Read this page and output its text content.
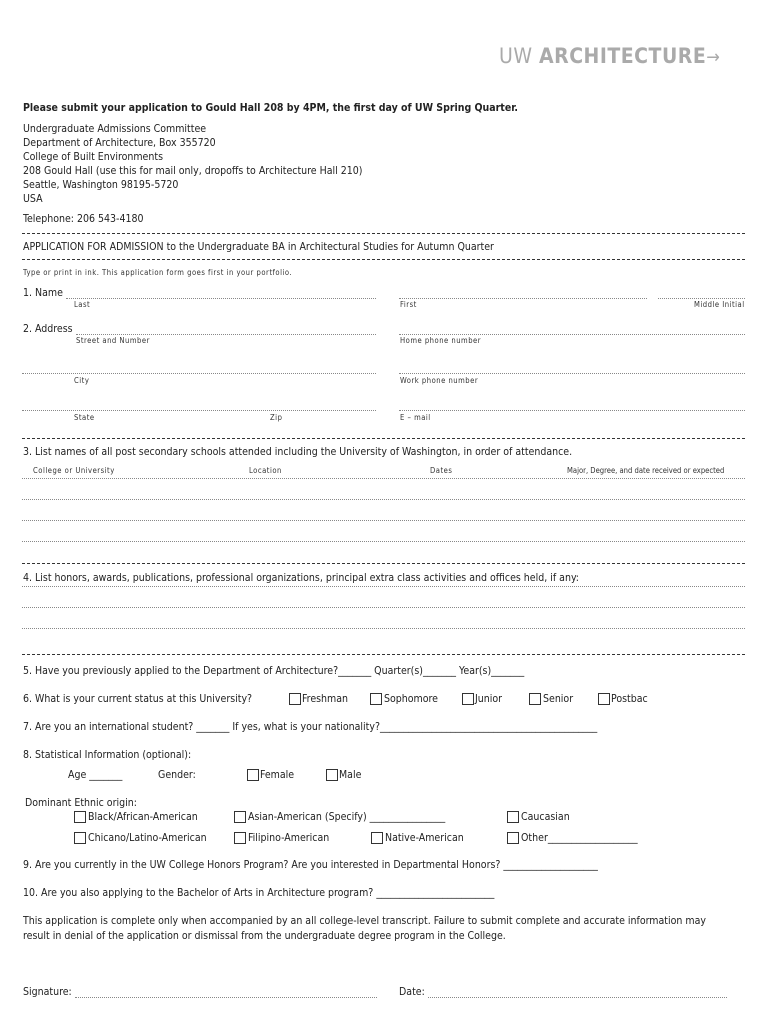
UW ARCHITECTURE→
Please submit your application to Gould Hall 208 by 4PM, the first day of UW Spring Quarter.
Undergraduate Admissions Committee
Department of Architecture, Box 355720
College of Built Environments
208 Gould Hall (use this for mail only, dropoffs to Architecture Hall 210)
Seattle, Washington 98195-5720
USA
Telephone: 206 543-4180
APPLICATION FOR ADMISSION to the Undergraduate BA in Architectural Studies for Autumn Quarter
Type or print in ink. This application form goes first in your portfolio.
1. Name
Last	First	Middle Initial
2. Address
Street and Number	Home phone number
City	Work phone number
State	Zip	E – mail
3. List names of all post secondary schools attended including the University of Washington, in order of attendance.
College or University	Location	Dates	Major, Degree, and date received or expected
4. List honors, awards, publications, professional organizations, principal extra class activities and offices held, if any:
5. Have you previously applied to the Department of Architecture?_______ Quarter(s)_______ Year(s)_______
6. What is your current status at this University?	Freshman	Sophomore	Junior	Senior	Postbac
7. Are you an international student? _______ If yes, what is your nationality?______________________________________________
8. Statistical Information (optional):
Age _______	Gender:	Female	Male
Dominant Ethnic origin:
Black/African-American	Asian-American (Specify) ________________	Caucasian
Chicano/Latino-American	Filipino-American	Native-American	Other___________________
9. Are you currently in the UW College Honors Program? Are you interested in Departmental Honors? ____________________
10. Are you also applying to the Bachelor of Arts in Architecture program? _________________________
This application is complete only when accompanied by an all college-level transcript. Failure to submit complete and accurate information may
result in denial of the application or dismissal from the undergraduate degree program in the College.
Signature:	Date:
